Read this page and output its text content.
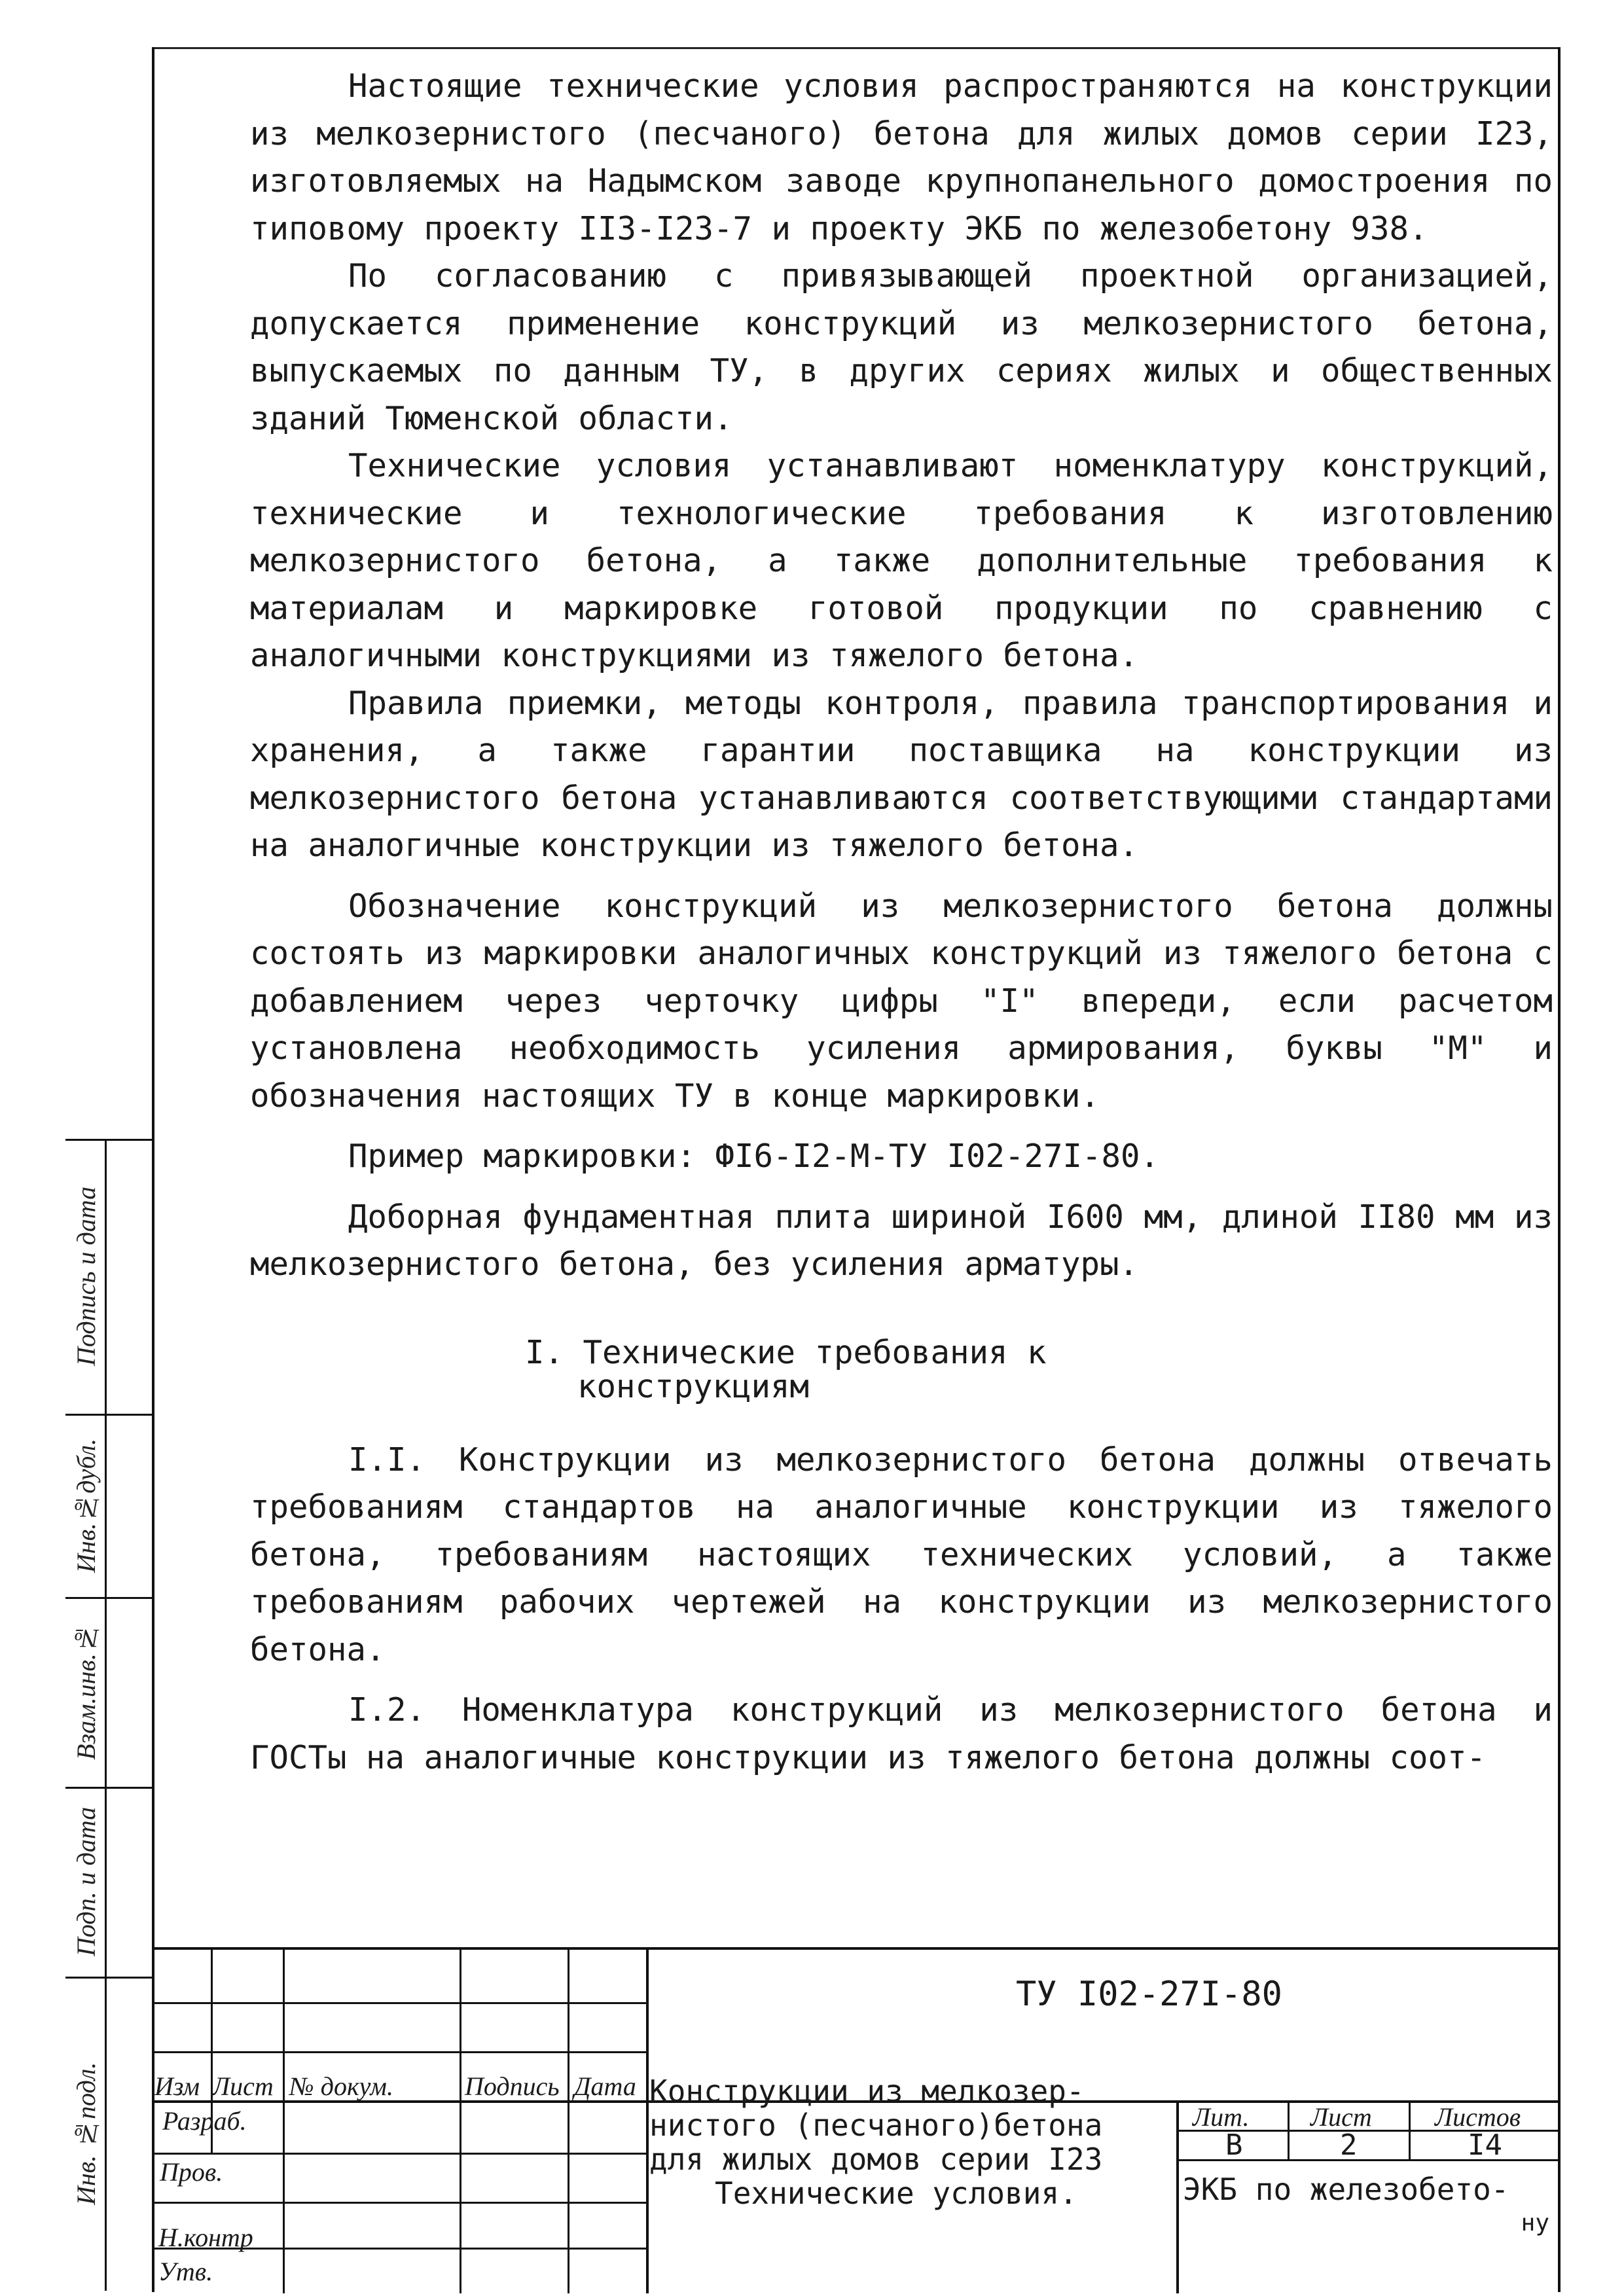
Настоящие технические условия распространяются на конструкции из мелкозернистого (песчаного) бетона для жилых домов серии I23, изготовляемых на Надымском заводе крупнопанельного домостроения по типовому проекту II3-I23-7 и проекту ЭКБ по железобетону 938.

По согласованию с привязывающей проектной организацией, допускается применение конструкций из мелкозернистого бетона, выпускаемых по данным ТУ, в других сериях жилых и общественных зданий Тюменской области.

Технические условия устанавливают номенклатуру конструкций, технические и технологические требования к изготовлению мелкозернистого бетона, а также дополнительные требования к материалам и маркировке готовой продукции по сравнению с аналогичными конструкциями из тяжелого бетона.

Правила приемки, методы контроля, правила транспортирования и хранения, а также гарантии поставщика на конструкции из мелкозернистого бетона устанавливаются соответствующими стандартами на аналогичные конструкции из тяжелого бетона.

Обозначение конструкций из мелкозернистого бетона должны состоять из маркировки аналогичных конструкций из тяжелого бетона с добавлением через черточку цифры "I" впереди, если расчетом установлена необходимость усиления армирования, буквы "М" и обозначения настоящих ТУ в конце маркировки.

Пример маркировки: ФI6-I2-М-ТУ I02-27I-80.

Доборная фундаментная плита шириной I600 мм, длиной II80 мм из мелкозернистого бетона, без усиления арматуры.

I. Технические требования к
конструкциям

I.I. Конструкции из мелкозернистого бетона должны отвечать требованиям стандартов на аналогичные конструкции из тяжелого бетона, требованиям настоящих технических условий, а также требованиям рабочих чертежей на конструкции из мелкозернистого бетона.

I.2. Номенклатура конструкций из мелкозернистого бетона и ГОСТы на аналогичные конструкции из тяжелого бетона должны соот-

Подпись и дата
Инв.№дубл.
Взам.инв.№
Подп. и дата
Инв. №подл.
ТУ I02-27I-80
Изм Лист № докум.	Подпись Дата
Разраб.
Пров.
Н.контр
Утв.
Конструкции из мелкозер-
нистого (песчаного)бетона
для жилых домов серии I23
Технические условия.
Лит. Лист Листов
В	2	I4
ЭКБ по железобето-
ну
